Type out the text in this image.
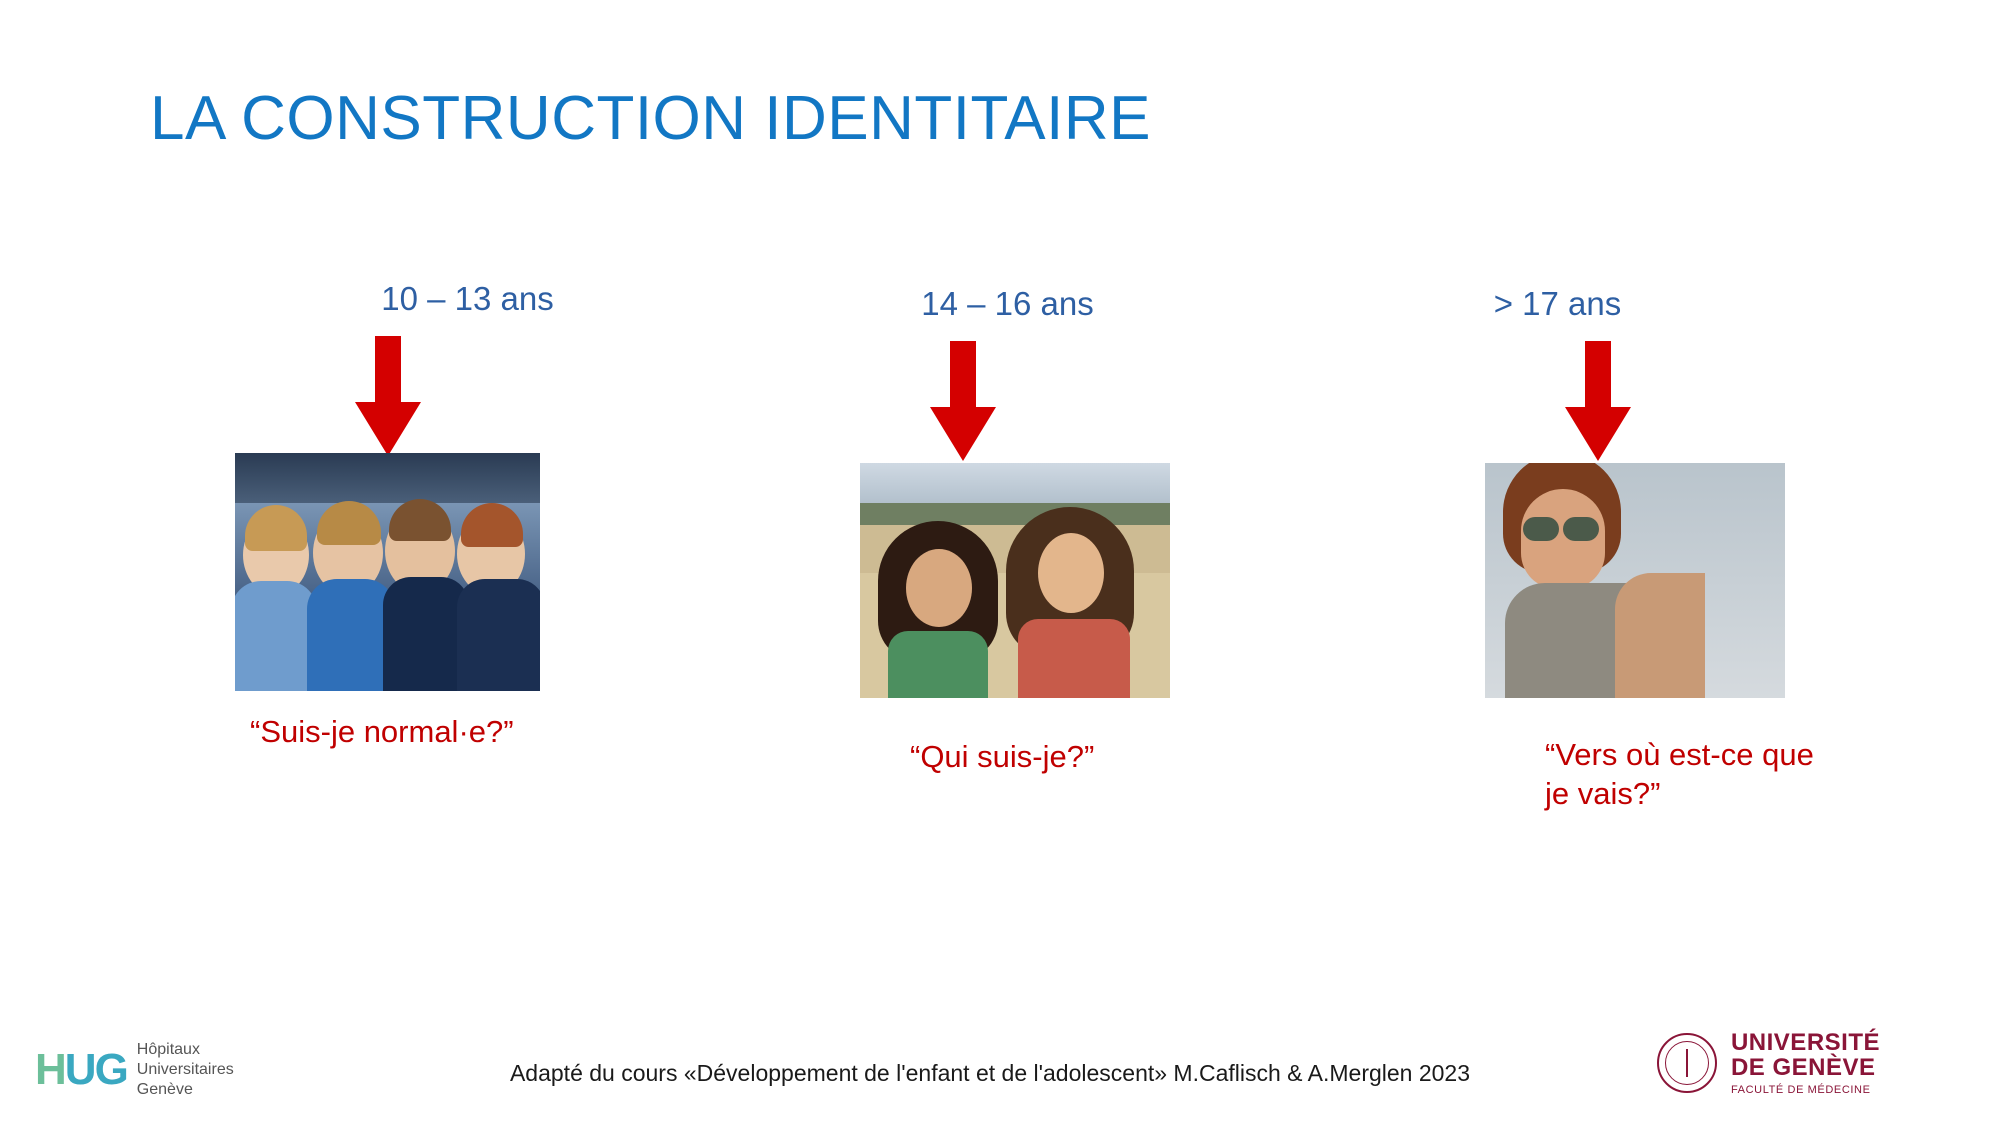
LA CONSTRUCTION IDENTITAIRE
10 – 13 ans
“Suis-je normal·e?”
14 – 16 ans
“Qui suis-je?”
> 17 ans
“Vers où est-ce que je vais?”
Adapté du cours «Développement de l'enfant et de l'adolescent» M.Caflisch & A.Merglen 2023
H U G Hôpitaux
Universitaires
Genève
UNIVERSITÉ
DE GENÈVE
FACULTÉ DE MÉDECINE
